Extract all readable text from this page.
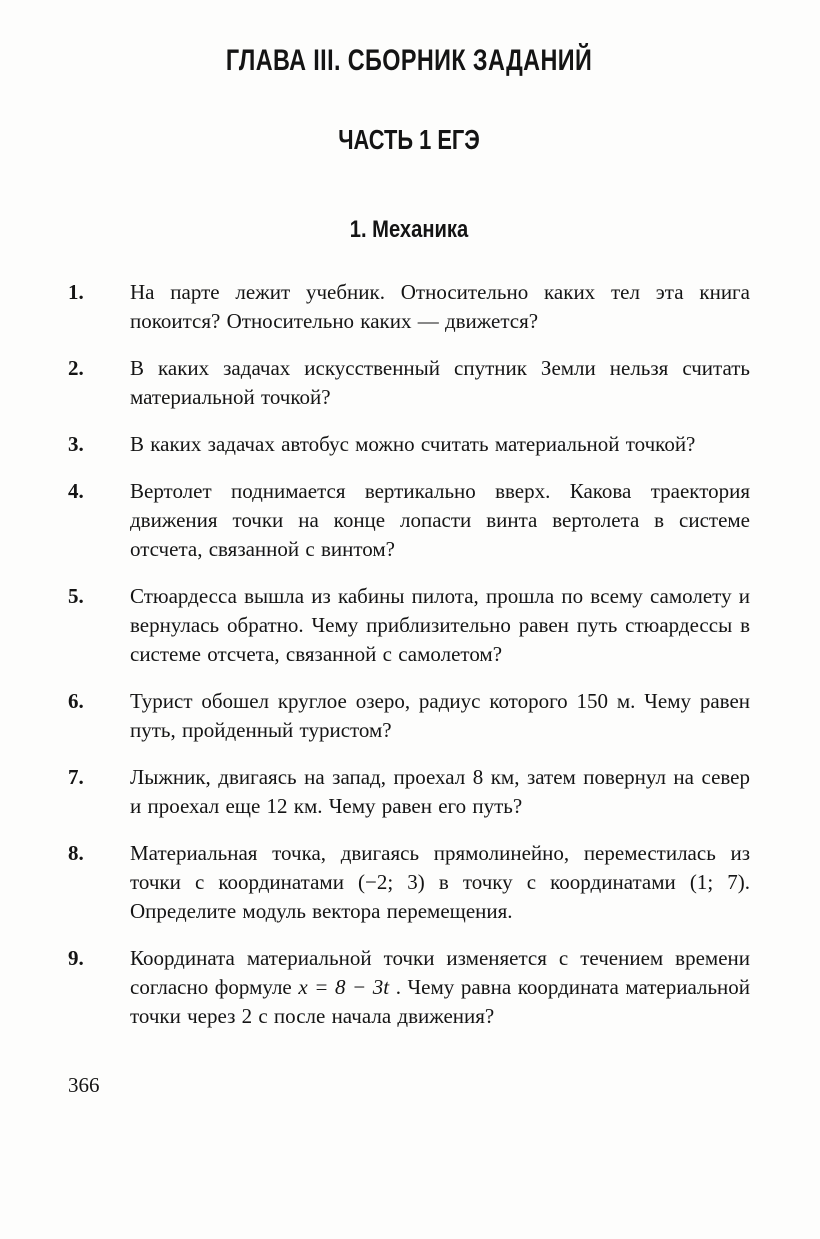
ГЛАВА III. СБОРНИК ЗАДАНИЙ
ЧАСТЬ 1 ЕГЭ
1. Механика
1.	На парте лежит учебник. Относительно каких тел эта книга покоится? Относительно каких — движется?

2.	В каких задачах искусственный спутник Земли нельзя считать материальной точкой?

3.	В каких задачах автобус можно считать материальной точкой?

4.	Вертолет поднимается вертикально вверх. Какова траектория движения точки на конце лопасти винта вертолета в системе отсчета, связанной с винтом?

5.	Стюардесса вышла из кабины пилота, прошла по всему самолету и вернулась обратно. Чему приблизительно равен путь стюардессы в системе отсчета, связанной с самолетом?

6.	Турист обошел круглое озеро, радиус которого 150 м. Чему равен путь, пройденный туристом?

7.	Лыжник, двигаясь на запад, проехал 8 км, затем повернул на север и проехал еще 12 км. Чему равен его путь?

8.	Материальная точка, двигаясь прямолинейно, переместилась из точки с координатами (−2; 3) в точку с координатами (1; 7). Определите модуль вектора перемещения.

9.	Координата материальной точки изменяется с течением времени согласно формуле x = 8 − 3t . Чему равна координата материальной точки через 2 с после начала движения?

366
